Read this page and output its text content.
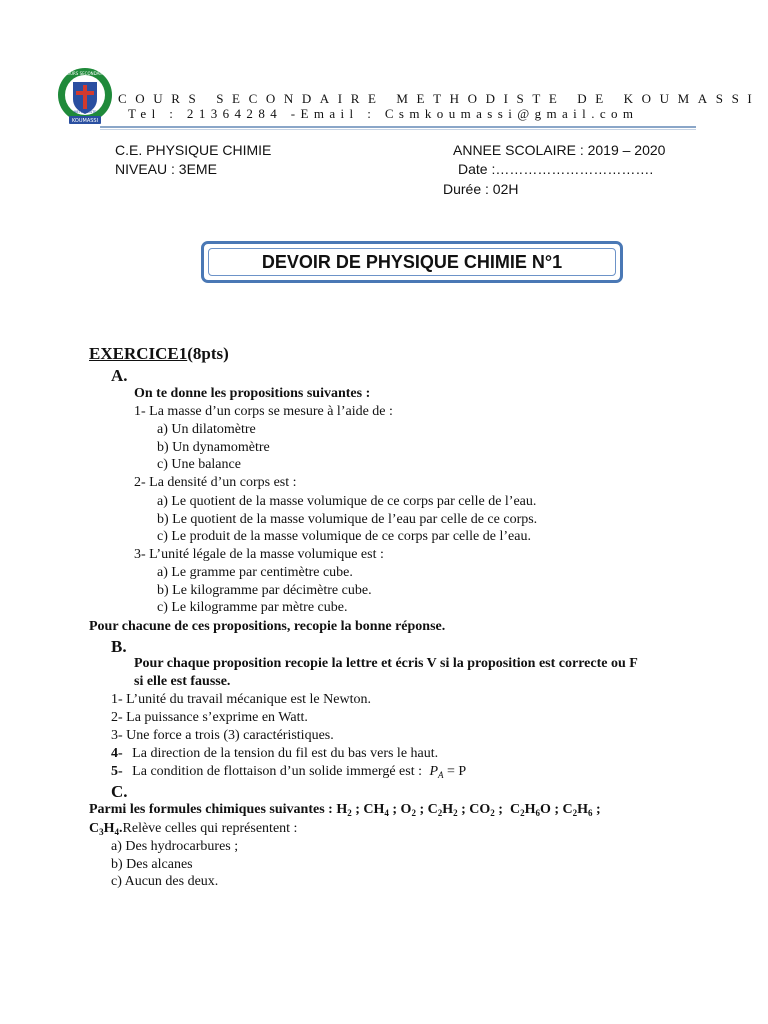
KOUMASSI
COURS SECONDAIRE
METHODISTE
COURS SECONDAIRE METHODISTE DE KOUMASSI
Tel : 21364284 -Email : Csmkoumassi@gmail.com
C.E. PHYSIQUE CHIMIE
NIVEAU : 3EME
ANNEE SCOLAIRE : 2019 – 2020
Date :…………………………….
Durée : 02H
DEVOIR DE PHYSIQUE CHIMIE N°1
EXERCICE1(8pts)
A.
On te donne les propositions suivantes :
1- La masse d’un corps se mesure à l’aide de :
a) Un dilatomètre
b) Un dynamomètre
c) Une balance
2- La densité d’un corps est :
a) Le quotient de la masse volumique de ce corps par celle de l’eau.
b) Le quotient de la masse volumique de l’eau par celle de ce corps.
c) Le produit de la masse volumique de ce corps par celle de l’eau.
3- L’unité légale de la masse volumique est :
a) Le gramme par centimètre cube.
b) Le kilogramme par décimètre cube.
c) Le kilogramme par mètre cube.
Pour chacune de ces propositions, recopie la bonne réponse.
B.
Pour chaque proposition recopie la lettre et écris V si la proposition est correcte ou F
si elle est fausse.
1- L’unité du travail mécanique est le Newton.
2- La puissance s’exprime en Watt.
3- Une force a trois (3) caractéristiques.
4- La direction de la tension du fil est du bas vers le haut.
5- La condition de flottaison d’un solide immergé est : $P_A = P$
C.
Parmi les formules chimiques suivantes : $H_2$ ; $CH_4$ ; $O_2$ ; $C_2H_2$ ; $CO_2$ ;  $C_2H_6O$ ; $C_2H_6$ ;
$C_3H_4.Relève$ celles qui représentent :
a) Des hydrocarbures ;
b) Des alcanes
c) Aucun des deux.
